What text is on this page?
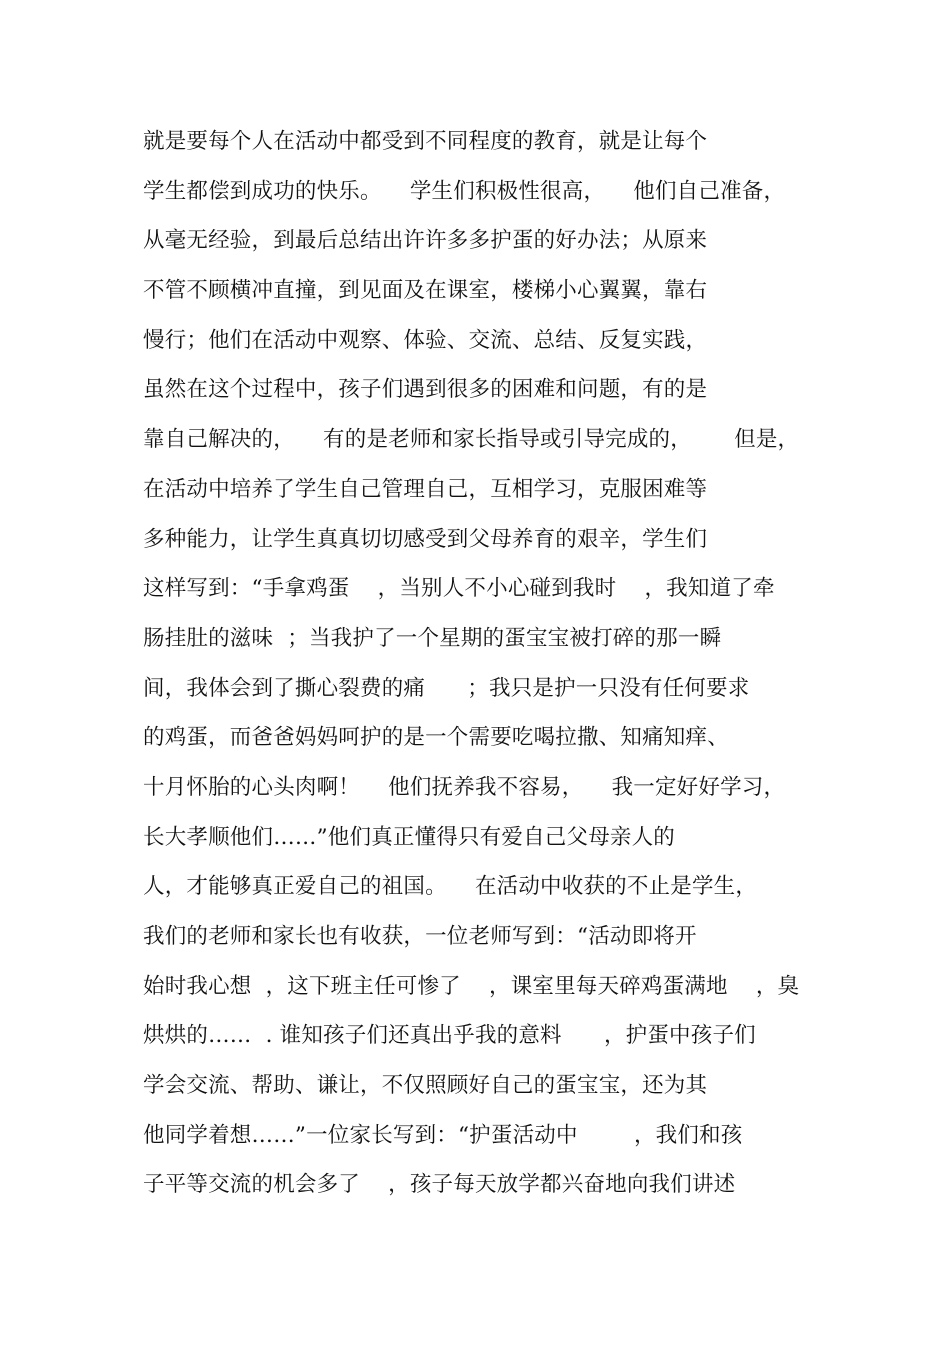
就是要每个人在活动中都受到不同程度的教育，就是让每个
学生都偿到成功的快乐。    学生们积极性很高，    他们自己准备，
从毫无经验，到最后总结出许许多多护蛋的好办法；从原来
不管不顾横冲直撞，到见面及在课室，楼梯小心翼翼，靠右
慢行；他们在活动中观察、体验、交流、总结、反复实践，
虽然在这个过程中，孩子们遇到很多的困难和问题，有的是
靠自己解决的，    有的是老师和家长指导或引导完成的，      但是，
在活动中培养了学生自己管理自己，互相学习，克服困难等
多种能力，让学生真真切切感受到父母养育的艰辛，学生们
这样写到：“手拿鸡蛋    ，当别人不小心碰到我时    ，我知道了牵
肠挂肚的滋味  ；当我护了一个星期的蛋宝宝被打碎的那一瞬
间，我体会到了撕心裂费的痛      ；我只是护一只没有任何要求
的鸡蛋，而爸爸妈妈呵护的是一个需要吃喝拉撒、知痛知痒、
十月怀胎的心头肉啊！    他们抚养我不容易，    我一定好好学习，
长大孝顺他们……”他们真正懂得只有爱自己父母亲人的
人，才能够真正爱自己的祖国。    在活动中收获的不止是学生，
我们的老师和家长也有收获，一位老师写到：“活动即将开
始时我心想  ，这下班主任可惨了    ，课室里每天碎鸡蛋满地    ，臭
烘烘的……  . 谁知孩子们还真出乎我的意料      ，护蛋中孩子们
学会交流、帮助、谦让，不仅照顾好自己的蛋宝宝，还为其
他同学着想……”一位家长写到：“护蛋活动中        ，我们和孩
子平等交流的机会多了    ，孩子每天放学都兴奋地向我们讲述
